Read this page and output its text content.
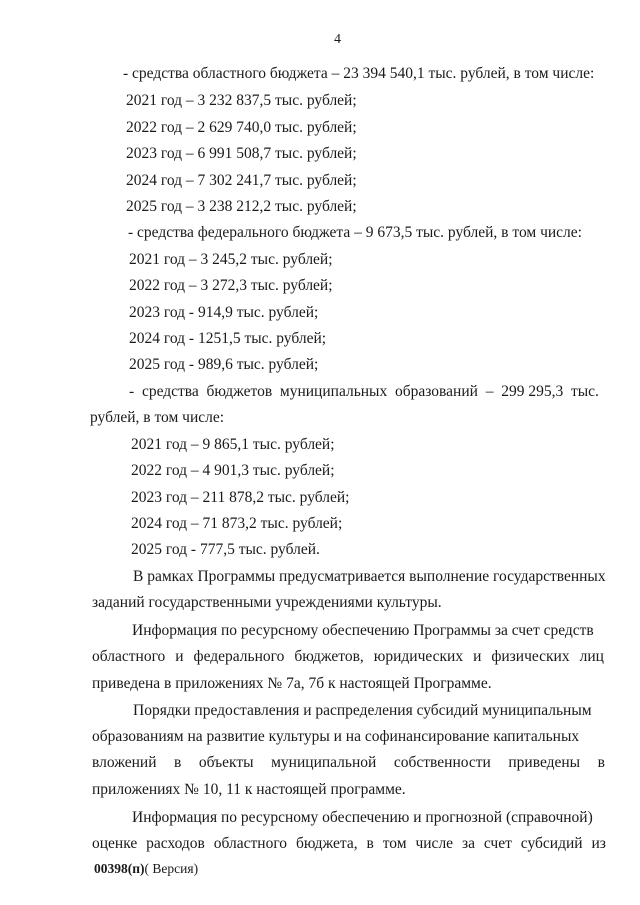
4
- средства областного бюджета – 23 394 540,1 тыс. рублей, в том числе:
2021 год – 3 232 837,5 тыс. рублей;
2022 год – 2 629 740,0 тыс. рублей;
2023 год – 6 991 508,7 тыс. рублей;
2024 год – 7 302 241,7 тыс. рублей;
2025 год – 3 238 212,2 тыс. рублей;
- средства федерального бюджета – 9 673,5 тыс. рублей, в том числе:
2021 год – 3 245,2 тыс. рублей;
2022 год – 3 272,3 тыс. рублей;
2023 год - 914,9 тыс. рублей;
2024 год - 1251,5 тыс. рублей;
2025 год - 989,6 тыс. рублей;
- средства бюджетов муниципальных образований – 299 295,3 тыс.
рублей, в том числе:
2021 год – 9 865,1 тыс. рублей;
2022 год – 4 901,3 тыс. рублей;
2023 год – 211 878,2 тыс. рублей;
2024 год – 71 873,2 тыс. рублей;
2025 год - 777,5 тыс. рублей.
В рамках Программы предусматривается выполнение государственных
заданий государственными учреждениями культуры.
Информация по ресурсному обеспечению Программы за счет средств
областного и федерального бюджетов, юридических и физических лиц
приведена в приложениях № 7а, 7б к настоящей Программе.
Порядки предоставления и распределения субсидий муниципальным
образованиям на развитие культуры и на софинансирование капитальных
вложений в объекты муниципальной собственности приведены в
приложениях № 10, 11 к настоящей программе.
Информация по ресурсному обеспечению и прогнозной (справочной)
оценке расходов областного бюджета, в том числе за счет субсидий из
00398(п)( Версия)
